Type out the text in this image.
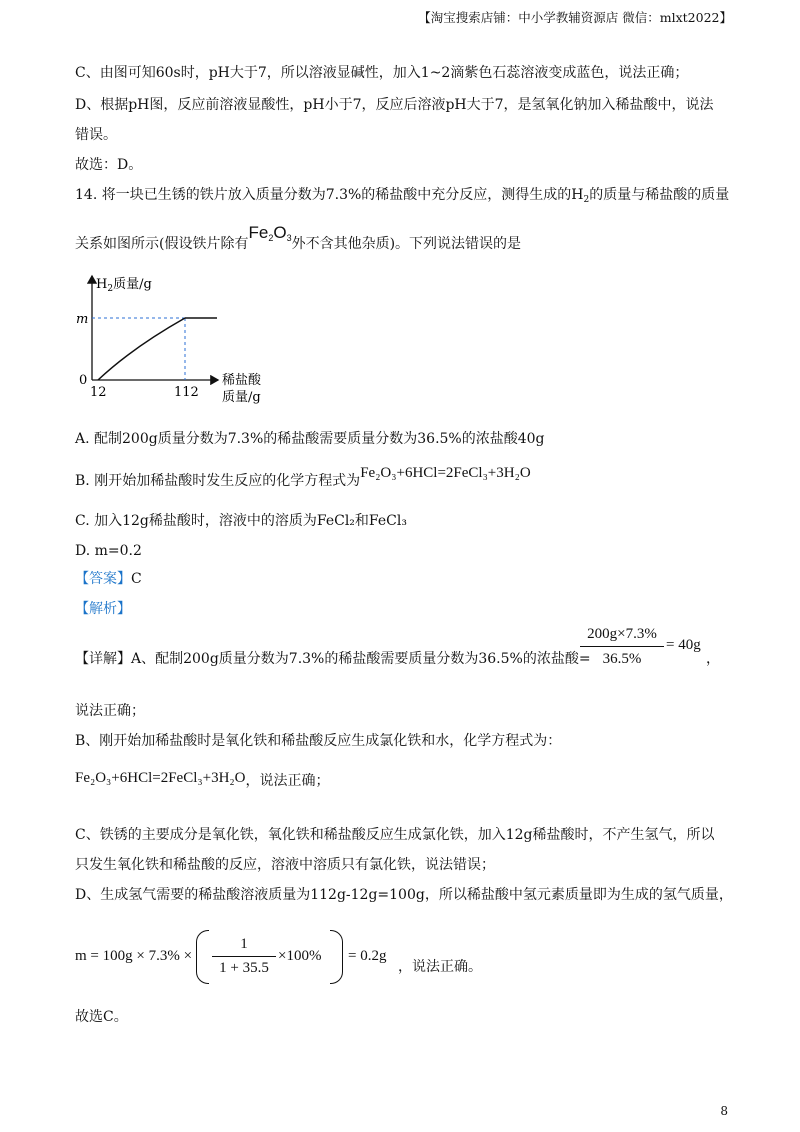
【淘宝搜索店铺：中小学教辅资源店 微信：mlxt2022】
C、由图可知60s时，pH大于7，所以溶液显碱性，加入1~2滴紫色石蕊溶液变成蓝色，说法正确；
D、根据pH图，反应前溶液显酸性，pH小于7，反应后溶液pH大于7，是氢氧化钠加入稀盐酸中，说法
错误。
故选：D。
14. 将一块已生锈的铁片放入质量分数为7.3%的稀盐酸中充分反应，测得生成的$H_2$的质量与稀盐酸的质量
关系如图所示(假设铁片除有$Fe_2O_3$外不含其他杂质)。下列说法错误的是
$H_2$质量/g
m
0
12	112
稀盐酸
质量/g
A. 配制200g质量分数为7.3%的稀盐酸需要质量分数为36.5%的浓盐酸40g
B. 刚开始加稀盐酸时发生反应的化学方程式为Fe₂O₃+6HCl=2FeCl₃+3H₂O
C. 加入12g稀盐酸时，溶液中的溶质为FeCl₂和FeCl₃
D. m=0.2
【答案】C
【解析】
【详解】A、配制200g质量分数为7.3%的稀盐酸需要质量分数为36.5%的浓盐酸=
200g×7.3%
36.5%
= 40g
，
说法正确；
B、刚开始加稀盐酸时是氧化铁和稀盐酸反应生成氯化铁和水，化学方程式为：
Fe₂O₃+6HCl=2FeCl₃+3H₂O，说法正确；
C、铁锈的主要成分是氧化铁，氧化铁和稀盐酸反应生成氯化铁，加入12g稀盐酸时，不产生氢气，所以
只发生氧化铁和稀盐酸的反应，溶液中溶质只有氯化铁，说法错误；
D、生成氢气需要的稀盐酸溶液质量为112g-12g=100g，所以稀盐酸中氢元素质量即为生成的氢气质量，
m = 100g × 7.3% ×
1
1 + 35.5
×100% = 0.2g
，说法正确。
故选C。
8
